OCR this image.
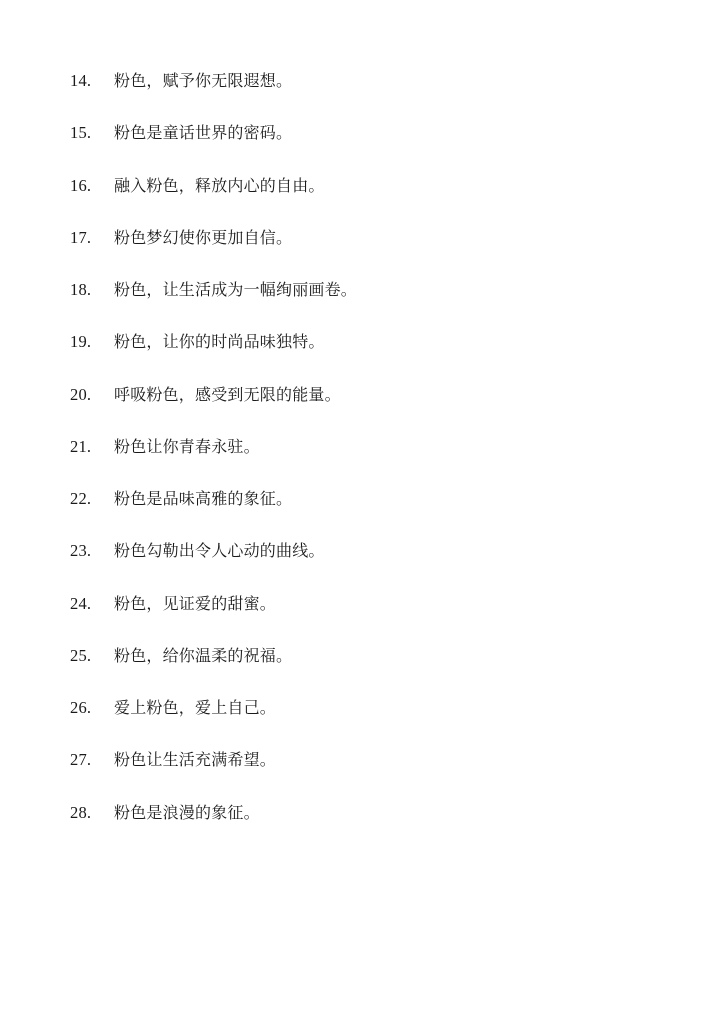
14.	粉色，赋予你无限遐想。
15.	粉色是童话世界的密码。
16.	融入粉色，释放内心的自由。
17.	粉色梦幻使你更加自信。
18.	粉色，让生活成为一幅绚丽画卷。
19.	粉色，让你的时尚品味独特。
20.	呼吸粉色，感受到无限的能量。
21.	粉色让你青春永驻。
22.	粉色是品味高雅的象征。
23.	粉色勾勒出令人心动的曲线。
24.	粉色，见证爱的甜蜜。
25.	粉色，给你温柔的祝福。
26.	爱上粉色，爱上自己。
27.	粉色让生活充满希望。
28.	粉色是浪漫的象征。
